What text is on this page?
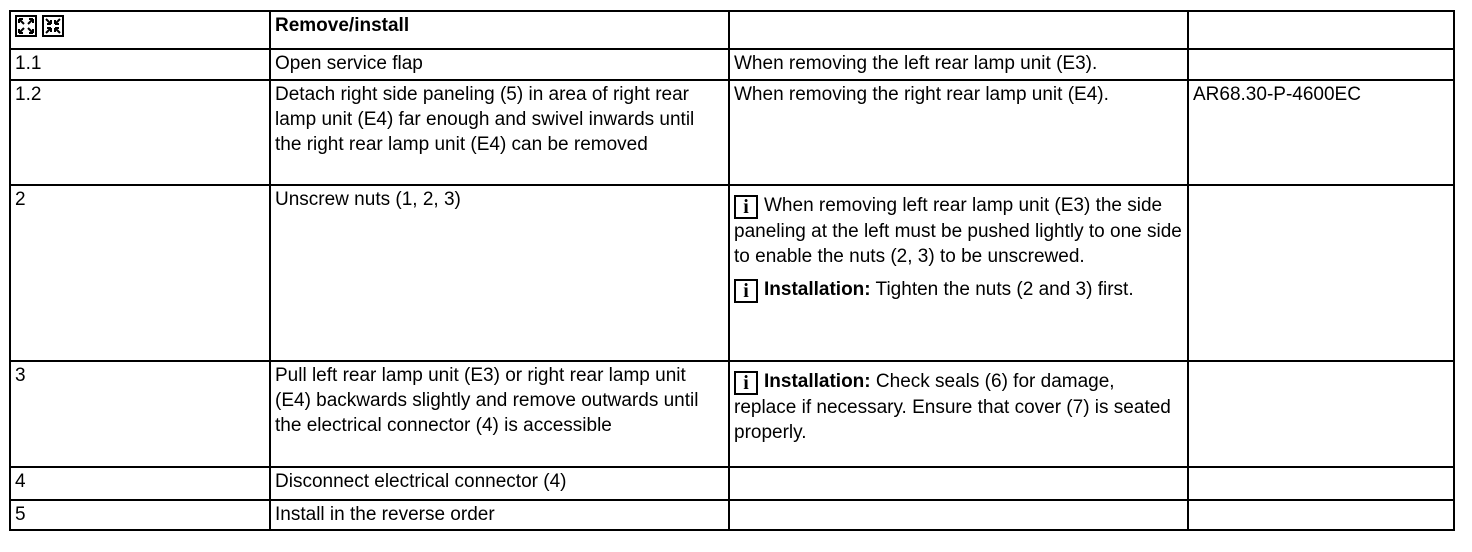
	Remove/install		
1.1	Open service flap	When removing the left rear lamp unit (E3).	
1.2	Detach right side paneling (5) in area of right rear lamp unit (E4) far enough and swivel inwards until the right rear lamp unit (E4) can be removed	When removing the right rear lamp unit (E4).	AR68.30-P-4600EC
2	Unscrew nuts (1, 2, 3)	i When removing left rear lamp unit (E3) the side paneling at the left must be pushed lightly to one side to enable the nuts (2, 3) to be unscrewed.
i Installation: Tighten the nuts (2 and 3) first.	

3	Pull left rear lamp unit (E3) or right rear lamp unit (E4) backwards slightly and remove outwards until the electrical connector (4) is accessible	i Installation: Check seals (6) for damage, replace if necessary. Ensure that cover (7) is seated properly.	

4	Disconnect electrical connector (4)		
5	Install in the reverse order		
